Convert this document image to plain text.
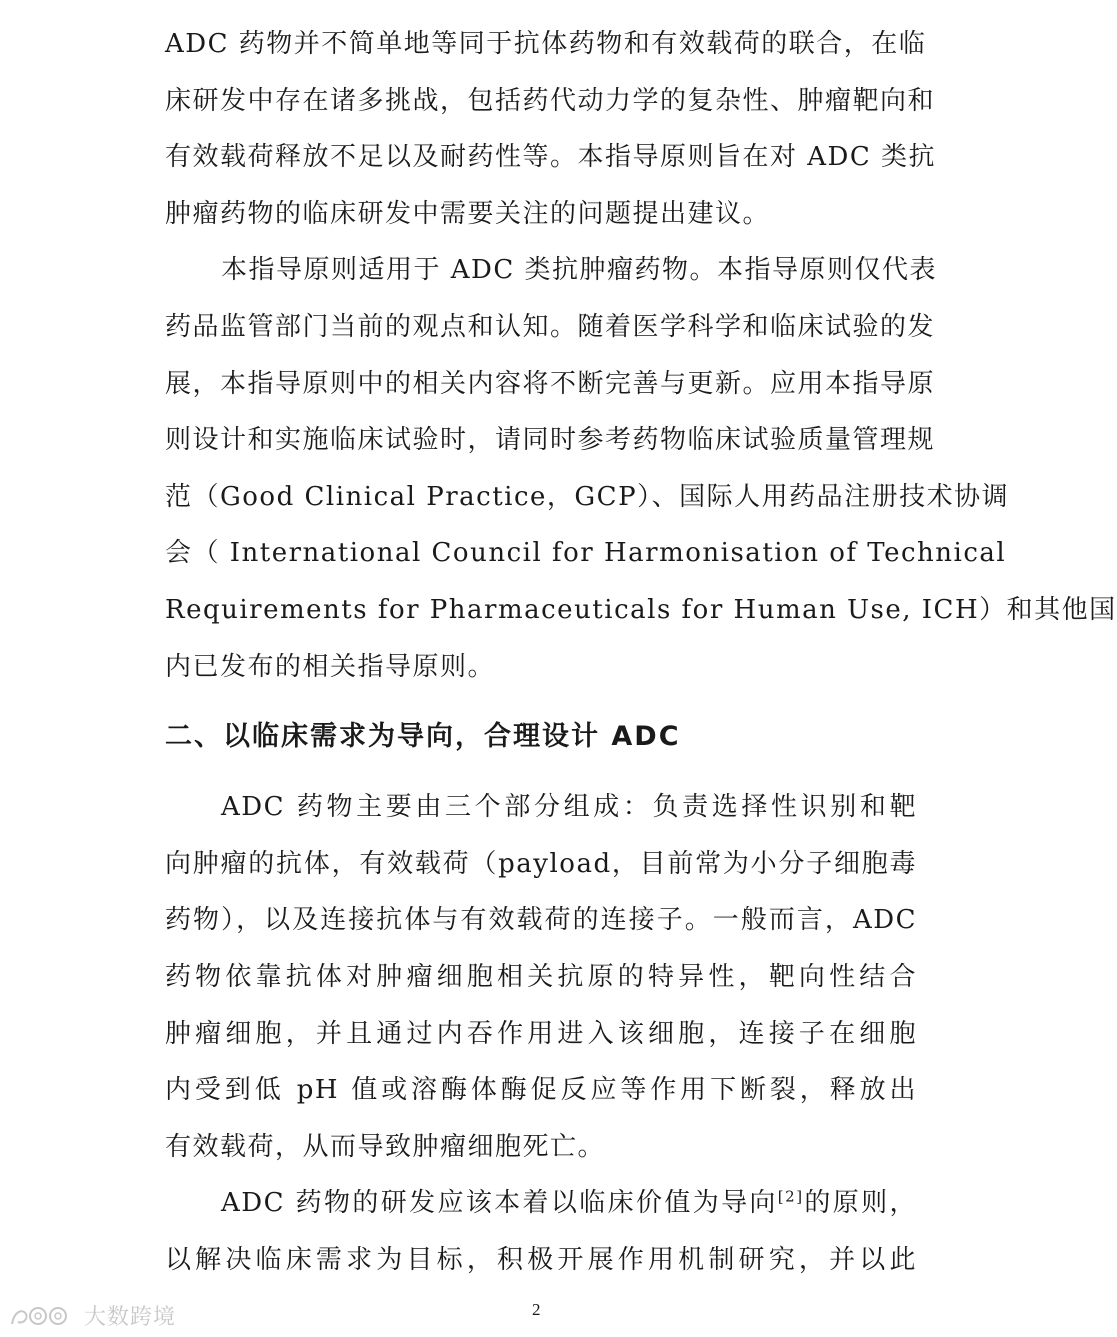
ADC 药物并不简单地等同于抗体药物和有效载荷的联合，在临
床研发中存在诸多挑战，包括药代动力学的复杂性、肿瘤靶向和
有效载荷释放不足以及耐药性等。本指导原则旨在对 ADC 类抗
肿瘤药物的临床研发中需要关注的问题提出建议。

本指导原则适用于 ADC 类抗肿瘤药物。本指导原则仅代表
药品监管部门当前的观点和认知。随着医学科学和临床试验的发
展，本指导原则中的相关内容将不断完善与更新。应用本指导原
则设计和实施临床试验时，请同时参考药物临床试验质量管理规
范（Good Clinical Practice，GCP）、国际人用药品注册技术协调
会（ International Council for Harmonisation of Technical
Requirements for Pharmaceuticals for Human Use, ICH）和其他国
内已发布的相关指导原则。

二、以临床需求为导向，合理设计 ADC

ADC 药物主要由三个部分组成：负责选择性识别和靶
向肿瘤的抗体，有效载荷（payload，目前常为小分子细胞毒
药物），以及连接抗体与有效载荷的连接子。一般而言，ADC
药物依靠抗体对肿瘤细胞相关抗原的特异性，靶向性结合
肿瘤细胞，并且通过内吞作用进入该细胞，连接子在细胞
内受到低 pH 值或溶酶体酶促反应等作用下断裂，释放出
有效载荷，从而导致肿瘤细胞死亡。

ADC 药物的研发应该本着以临床价值为导向[2]的原则，
以解决临床需求为目标，积极开展作用机制研究，并以此

2
大数跨境
